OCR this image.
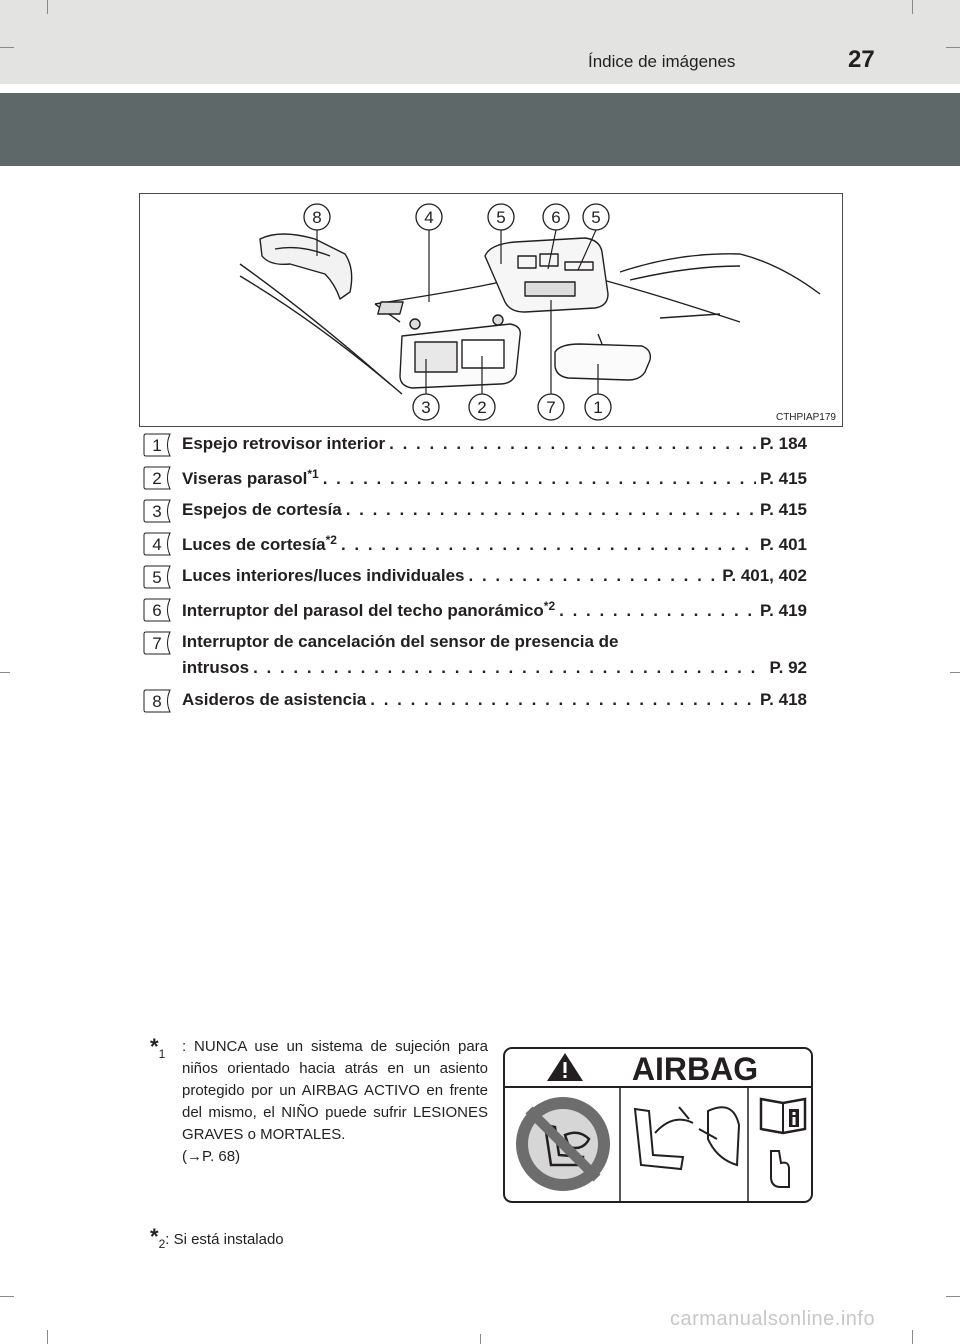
Índice de imágenes	27
8	4	5	6 5
3	2	7 1
CTHPIAP179
1	Espejo retrovisor interior . . .	P. 184
2	Viseras parasol$^{*1}$ . . .	P. 415
3	Espejos de cortesía . . .	P. 415
4	Luces de cortesía$^{*2}$ . . .	P. 401
5	Luces interiores/luces individuales . . .	P. 401, 402
6	Interruptor del parasol del techo panorámico$^{*2}$ . . .	P. 419
7	Interruptor de cancelación del sensor de presencia de
intrusos . . .	P. 92
8	Asideros de asistencia . . .	P. 418
$*_1$ : NUNCA use un sistema de sujeción para niños orientado hacia atrás en un asiento protegido por un AIRBAG ACTIVO en frente del mismo, el NIÑO puede sufrir LESIONES GRAVES o MORTALES.
(→P. 68)
AIRBAG
$*_2$: Si está instalado
carmanualsonline.info
